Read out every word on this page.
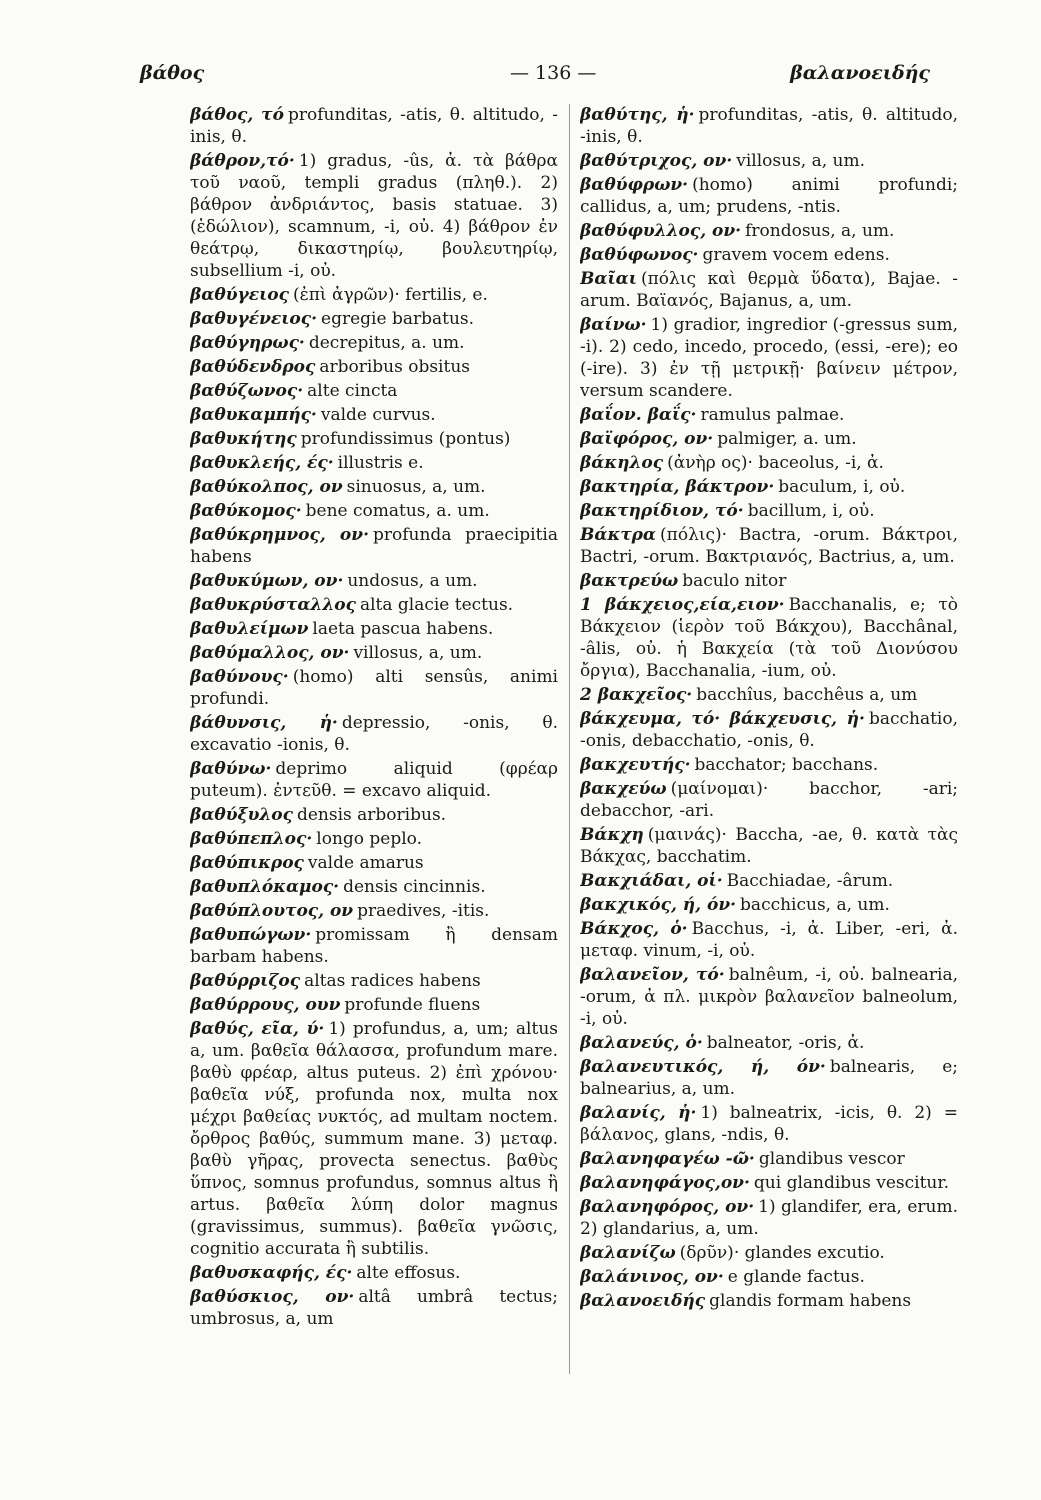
βάθος	— 136 —	βαλανοειδής

βάθος, τό profunditas, -atis, θ. altitudo, -inis, θ.

βάθρον,τό· 1) gradus, -ûs, ἀ. τὰ βάθρα τοῦ ναοῦ, templi gradus (πληθ.). 2) βάθρον ἀνδριάντος, basis statuae. 3) (ἑδώλιον), scamnum, -i, οὐ. 4) βάθρον ἐν θεάτρῳ, δικαστηρίῳ, βουλευτηρίῳ, subsellium -i, οὐ.

βαθύγειος (ἐπὶ ἀγρῶν)· fertilis, e.

βαθυγένειος· egregie barbatus.

βαθύγηρως· decrepitus, a. um.

βαθύδενδρος arboribus obsitus

βαθύζωνος· alte cincta

βαθυκαμπής· valde curvus.

βαθυκήτης profundissimus (pontus)

βαθυκλεής, ές· illustris e.

βαθύκολπος, ον sinuosus, a, um.

βαθύκομος· bene comatus, a. um.

βαθύκρημνος, ον· profunda praecipitia habens

βαθυκύμων, ον· undosus, a um.

βαθυκρύσταλλος alta glacie tectus.

βαθυλείμων laeta pascua habens.

βαθύμαλλος, ον· villosus, a, um.

βαθύνους· (homo) alti sensûs, animi profundi.

βάθυνσις, ἡ· depressio, -onis, θ. excavatio -ionis, θ.

βαθύνω· deprimo aliquid (φρέαρ puteum). ἐντεῦθ. = excavo aliquid.

βαθύξυλος densis arboribus.

βαθύπεπλος· longo peplo.

βαθύπικρος valde amarus

βαθυπλόκαμος· densis cincinnis.

βαθύπλουτος, ον praedives, -itis.

βαθυπώγων· promissam ἢ densam barbam habens.

βαθύρριζος altas radices habens

βαθύρρους, ουν profunde fluens

βαθύς, εῖα, ύ· 1) profundus, a, um; altus a, um. βαθεῖα θάλασσα, profundum mare. βαθὺ φρέαρ, altus puteus. 2) ἐπὶ χρόνου· βαθεῖα νύξ, profunda nox, multa nox μέχρι βαθείας νυκτός, ad multam noctem. ὄρθρος βαθύς, summum mane. 3) μεταφ. βαθὺ γῆρας, provecta senectus. βαθὺς ὕπνος, somnus profundus, somnus altus ἢ artus. βαθεῖα λύπη dolor magnus (gravissimus, summus). βαθεῖα γνῶσις, cognitio accurata ἢ subtilis.

βαθυσκαφής, ές· alte effosus.

βαθύσκιος, ον· altâ umbrâ tectus; umbrosus, a, um

βαθύτης, ἡ· profunditas, -atis, θ. altitudo, -inis, θ.

βαθύτριχος, ον· villosus, a, um.

βαθύφρων· (homo) animi profundi; callidus, a, um; prudens, -ntis.

βαθύφυλλος, ον· frondosus, a, um.

βαθύφωνος· gravem vocem edens.

Βαῖαι (πόλις καὶ θερμὰ ὕδατα), Bajae. -arum. Βαϊανός, Bajanus, a, um.

βαίνω· 1) gradior, ingredior (-gressus sum, -i). 2) cedo, incedo, procedo, (essi, -ere); eo (-ire). 3) ἐν τῇ μετρικῇ· βαίνειν μέτρον, versum scandere.

βαΐον. βαΐς· ramulus palmae.

βαϊφόρος, ον· palmiger, a. um.

βάκηλος (ἀνὴρ ος)· baceolus, -i, ἀ.

βακτηρία, βάκτρον· baculum, i, οὐ.

βακτηρίδιον, τό· bacillum, i, οὐ.

Βάκτρα (πόλις)· Bactra, -orum. Βάκτροι, Bactri, -orum. Βακτριανός, Bactrius, a, um.

βακτρεύω baculo nitor

1 βάκχειος,εία,ειον· Bacchanalis, e; τὸ Βάκχειον (ἱερὸν τοῦ Βάκχου), Bacchânal, -âlis, οὐ. ἡ Βακχεία (τὰ τοῦ Διονύσου ὄργια), Bacchanalia, -ium, οὐ.

2 βακχεῖος· bacchîus, bacchêus a, um

βάκχευμα, τό· βάκχευσις, ἡ· bacchatio, -onis, debacchatio, -onis, θ.

βακχευτής· bacchator; bacchans.

βακχεύω (μαίνομαι)· bacchor, -ari; debacchor, -ari.

Βάκχη (μαινάς)· Baccha, -ae, θ. κατὰ τὰς Βάκχας, bacchatim.

Βακχιάδαι, οἱ· Bacchiadae, -ârum.

βακχικός, ή, όν· bacchicus, a, um.

Βάκχος, ὁ· Bacchus, -i, ἀ. Liber, -eri, ἀ. μεταφ. vinum, -i, οὐ.

βαλανεῖον, τό· balnêum, -i, οὐ. balnearia, -orum, ἀ πλ. μικρὸν βαλανεῖον balneolum, -i, οὐ.

βαλανεύς, ὁ· balneator, -oris, ἀ.

βαλανευτικός, ή, όν· balnearis, e; balnearius, a, um.

βαλανίς, ἡ· 1) balneatrix, -icis, θ. 2) = βάλανος, glans, -ndis, θ.

βαλανηφαγέω -ῶ· glandibus vescor

βαλανηφάγος,ον· qui glandibus vescitur.

βαλανηφόρος, ον· 1) glandifer, era, erum. 2) glandarius, a, um.

βαλανίζω (δρῦν)· glandes excutio.

βαλάνινος, ον· e glande factus.

βαλανοειδής glandis formam habens
